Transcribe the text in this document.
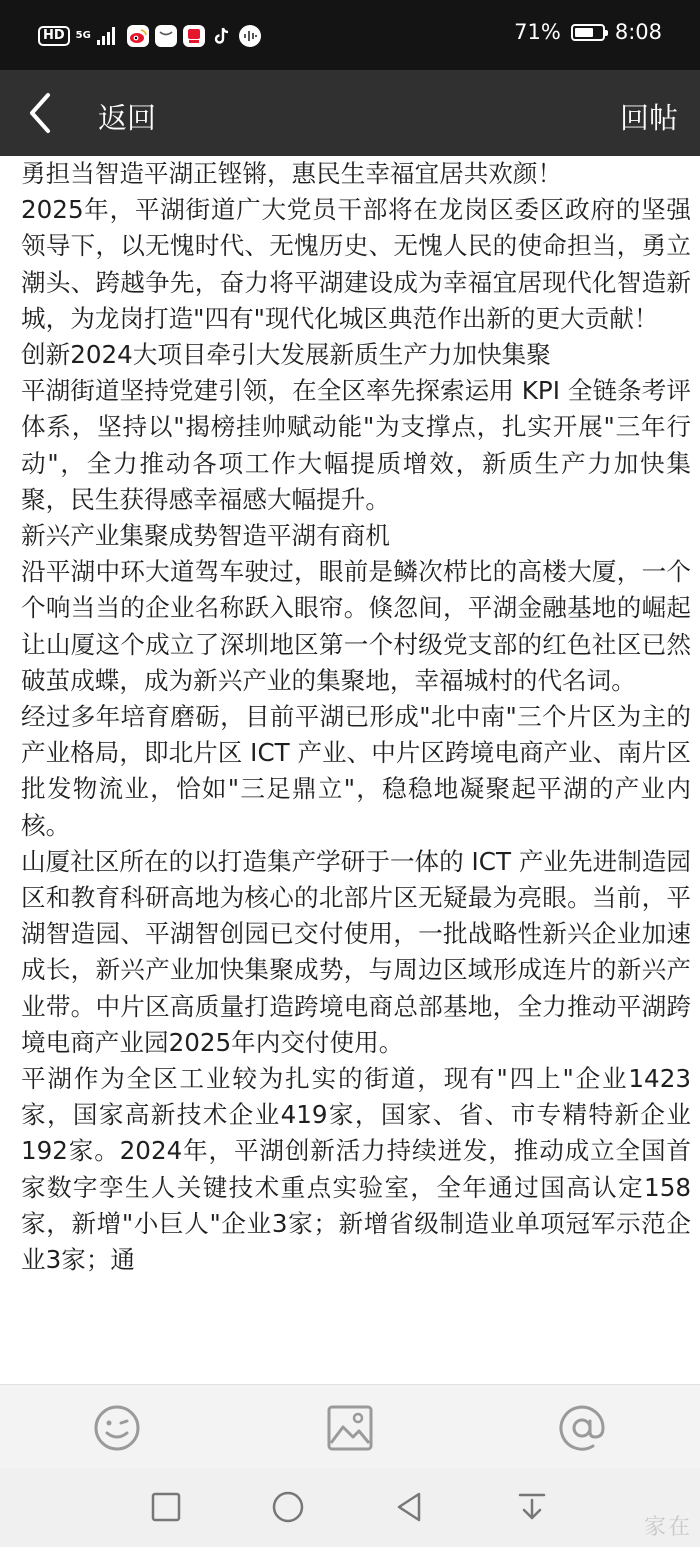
HD	5G	71%	8:08
返回	回帖

勇担当智造平湖正铿锵，惠民生幸福宜居共欢颜！

2025年，平湖街道广大党员干部将在龙岗区委区政府的坚强领导下，以无愧时代、无愧历史、无愧人民的使命担当，勇立潮头、跨越争先，奋力将平湖建设成为幸福宜居现代化智造新城，为龙岗打造"四有"现代化城区典范作出新的更大贡献！

创新2024大项目牵引大发展新质生产力加快集聚

平湖街道坚持党建引领，在全区率先探索运用 KPI 全链条考评体系，坚持以"揭榜挂帅赋动能"为支撑点，扎实开展"三年行动"，全力推动各项工作大幅提质增效，新质生产力加快集聚，民生获得感幸福感大幅提升。

新兴产业集聚成势智造平湖有商机

沿平湖中环大道驾车驶过，眼前是鳞次栉比的高楼大厦，一个个响当当的企业名称跃入眼帘。倏忽间，平湖金融基地的崛起让山厦这个成立了深圳地区第一个村级党支部的红色社区已然破茧成蝶，成为新兴产业的集聚地，幸福城村的代名词。

经过多年培育磨砺，目前平湖已形成"北中南"三个片区为主的产业格局，即北片区 ICT 产业、中片区跨境电商产业、南片区批发物流业，恰如"三足鼎立"，稳稳地凝聚起平湖的产业内核。

山厦社区所在的以打造集产学研于一体的 ICT 产业先进制造园区和教育科研高地为核心的北部片区无疑最为亮眼。当前，平湖智造园、平湖智创园已交付使用，一批战略性新兴企业加速成长，新兴产业加快集聚成势，与周边区域形成连片的新兴产业带。中片区高质量打造跨境电商总部基地，全力推动平湖跨境电商产业园2025年内交付使用。

平湖作为全区工业较为扎实的街道，现有"四上"企业1423家，国家高新技术企业419家，国家、省、市专精特新企业192家。2024年，平湖创新活力持续迸发，推动成立全国首家数字孪生人关键技术重点实验室，全年通过国高认定158家，新增"小巨人"企业3家；新增省级制造业单项冠军示范企业3家；通

家在
